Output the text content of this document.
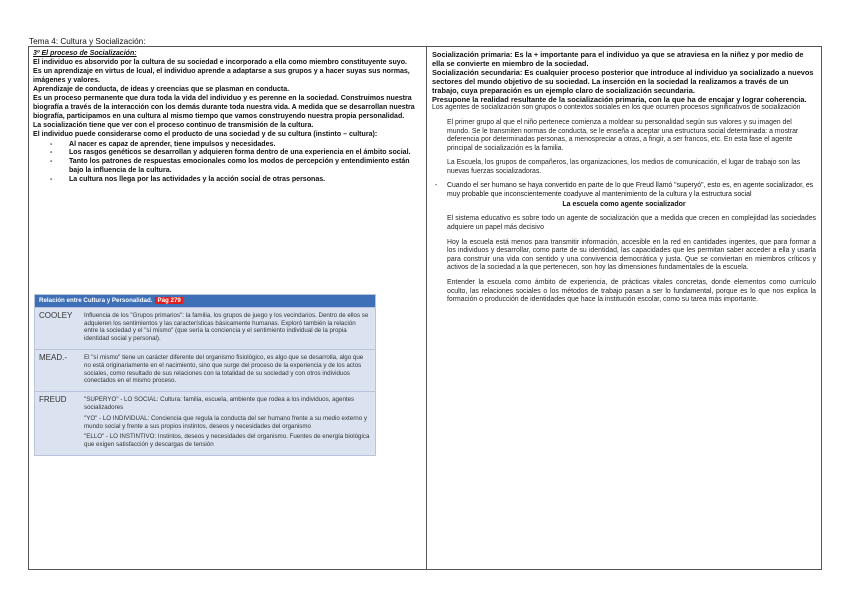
Tema 4: Cultura y Socialización:

3º El proceso de Socialización:

El individuo es absorvido por la cultura de su sociedad e incorporado a ella como miembro constituyente suyo.

Es un aprendizaje en virtus de lcual, el individuo aprende a adaptarse a sus grupos y a hacer suyas sus normas, imágenes y valores.

Aprendizaje de conducta, de ideas y creencias que se plasman en conducta.

Es un proceso permanente que dura toda la vida del individuo y es perenne en la sociedad. Construimos nuestra biografía a través de la interacción con los demás durante toda nuestra vida. A medida que se desarrollan nuestra biografía, participamos en una cultura al mismo tiempo que vamos construyendo nuestra propia personalidad.

La socialización tiene que ver con el proceso continuo de transmisión de la cultura.

El individuo puede considerarse como el producto de una sociedad y de su cultura (instinto – cultura):

- Al nacer es capaz de aprender, tiene impulsos y necesidades.
- Los rasgos genéticos se desarrollan y adquieren forma dentro de una experiencia en el ámbito social.
- Tanto los patrones de respuestas emocionales como los modos de percepción y entendimiento están bajo la influencia de la cultura.
- La cultura nos llega por las actividades y la acción social de otras personas.
Relación entre Cultura y Personalidad. Pág 279
COOLEY	Influencia de los "Grupos primarios": la familia, los grupos de juego y los vecindarios. Dentro de ellos se adquieren los sentimientos y las características básicamente humanas. Exploró también la relación entre la sociedad y el "sí mismo" (que sería la conciencia y el sentimiento individual de la propia identidad social y personal).

MEAD.-	El "sí mismo" tiene un carácter diferente del organismo fisiológico, es algo que se desarrolla, algo que no está originariamente en el nacimiento, sino que surge del proceso de la experiencia y de los actos sociales, como resultado de sus relaciones con la totalidad de su sociedad y con otros individuos conectados en el mismo proceso.

FREUD	"SUPERYO" - LO SOCIAL: Cultura: familia, escuela, ambiente que rodea a los individuos, agentes socializadores

"YO" - LO INDIVIDUAL: Conciencia que regula la conducta del ser humano frente a su medio externo y mundo social y frente a sus propios instintos, deseos y necesidades del organismo

"ELLO" - LO INSTINTIVO: Instintos, deseos y necesidades del organismo. Fuentes de energía biológica que exigen satisfacción y descargas de tensión

Socialización primaria: Es la + importante para el individuo ya que se atraviesa en la niñez y por medio de ella se convierte en miembro de la sociedad.

Socialización secundaria: Es cualquier proceso posterior que introduce al individuo ya socializado a nuevos sectores del mundo objetivo de su sociedad. La inserción en la sociedad la realizamos a través de un trabajo, cuya preparación es un ejemplo claro de socialización secundaria.

Presupone la realidad resultante de la socialización primaria, con la que ha de encajar y lograr coherencia.

Los agentes de socialización son grupos o contextos sociales en los que ocurren procesos significativos de socialización

El primer grupo al que el niño pertenece comienza a moldear su personalidad según sus valores y su imagen del mundo. Se le transmiten normas de conducta, se le enseña a aceptar una estructura social determinada: a mostrar deferencia por determinadas personas, a menospreciar a otras, a fingir, a ser francos, etc. En esta fase el agente principal de socialización es la familia.

La Escuela, los grupos de compañeros, las organizaciones, los medios de comunicación, el lugar de trabajo son las nuevas fuerzas socializadoras.

- Cuando el ser humano se haya convertido en parte de lo que Freud llamó "superyó", esto es, en agente socializador, es muy probable que inconscientemente coadyuve al mantenimiento de la cultura y la estructura social
La escuela como agente socializador

El sistema educativo es sobre todo un agente de socialización que a medida que crecen en complejidad las sociedades adquiere un papel más decisivo

Hoy la escuela está menos para transmitir información, accesible en la red en cantidades ingentes, que para formar a los individuos y desarrollar, como parte de su identidad, las capacidades que les permitan saber acceder a ella y usarla para construir una vida con sentido y una convivencia democrática y justa. Que se conviertan en miembros críticos y activos de la sociedad a la que pertenecen, son hoy las dimensiones fundamentales de la escuela.

Entender la escuela como ámbito de experiencia, de prácticas vitales concretas, donde elementos como currículo oculto, las relaciones sociales o los métodos de trabajo pasan a ser lo fundamental, porque es lo que nos explica la formación o producción de identidades que hace la institución escolar, como su tarea más importante.
